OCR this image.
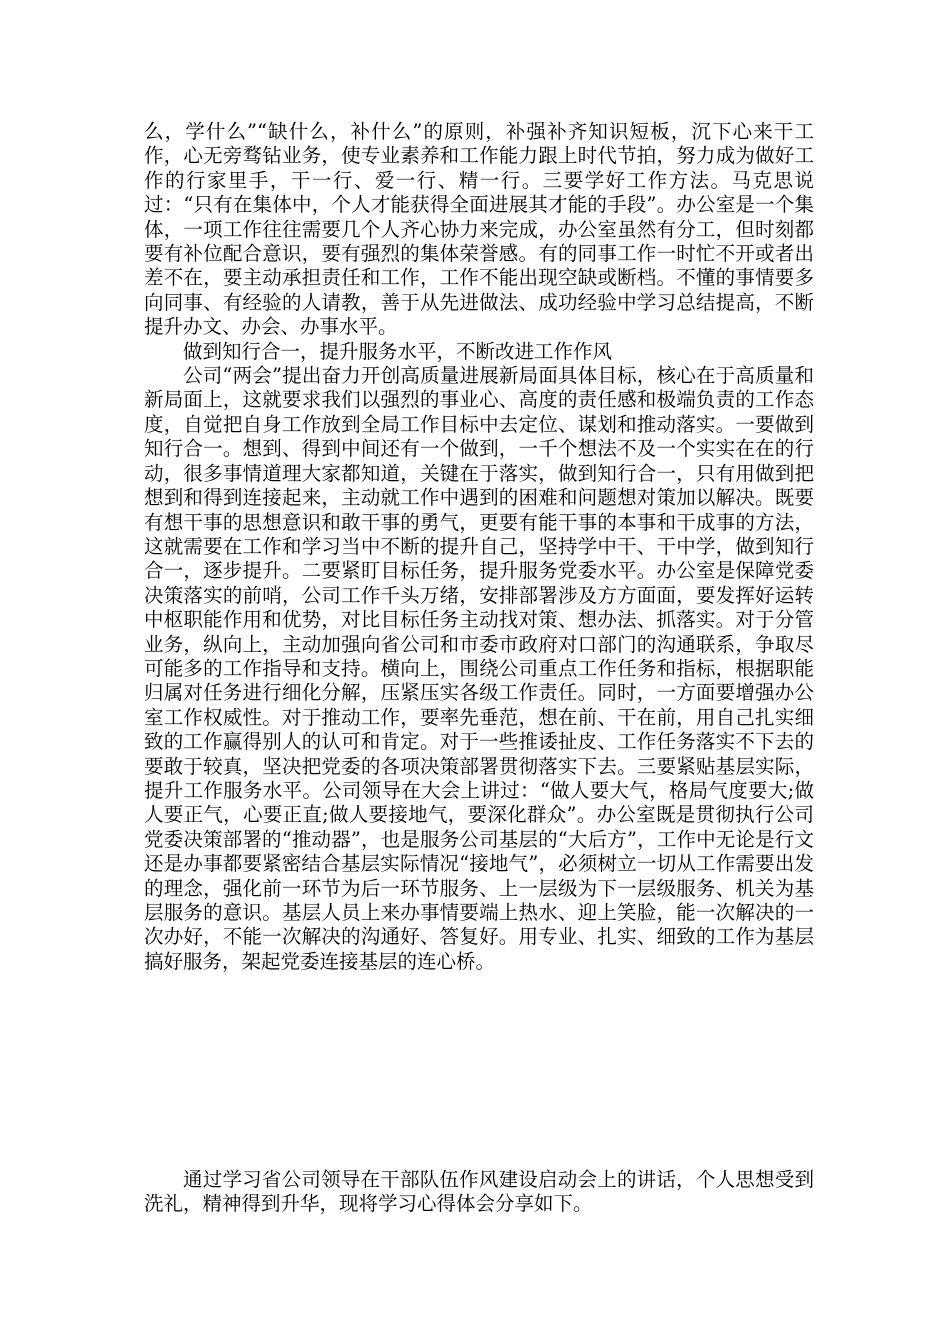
么，学什么”“缺什么，补什么”的原则，补强补齐知识短板，沉下心来干工作，心无旁骛钻业务，使专业素养和工作能力跟上时代节拍，努力成为做好工作的行家里手，干一行、爱一行、精一行。三要学好工作方法。马克思说过：“只有在集体中，个人才能获得全面进展其才能的手段”。办公室是一个集体，一项工作往往需要几个人齐心协力来完成，办公室虽然有分工，但时刻都要有补位配合意识，要有强烈的集体荣誉感。有的同事工作一时忙不开或者出差不在，要主动承担责任和工作，工作不能出现空缺或断档。不懂的事情要多向同事、有经验的人请教，善于从先进做法、成功经验中学习总结提高，不断提升办文、办会、办事水平。

做到知行合一，提升服务水平，不断改进工作作风

公司“两会”提出奋力开创高质量进展新局面具体目标，核心在于高质量和新局面上，这就要求我们以强烈的事业心、高度的责任感和极端负责的工作态度，自觉把自身工作放到全局工作目标中去定位、谋划和推动落实。一要做到知行合一。想到、得到中间还有一个做到，一千个想法不及一个实实在在的行动，很多事情道理大家都知道，关键在于落实，做到知行合一，只有用做到把想到和得到连接起来，主动就工作中遇到的困难和问题想对策加以解决。既要有想干事的思想意识和敢干事的勇气，更要有能干事的本事和干成事的方法，这就需要在工作和学习当中不断的提升自己，坚持学中干、干中学，做到知行合一，逐步提升。二要紧盯目标任务，提升服务党委水平。办公室是保障党委决策落实的前哨，公司工作千头万绪，安排部署涉及方方面面，要发挥好运转中枢职能作用和优势，对比目标任务主动找对策、想办法、抓落实。对于分管业务，纵向上，主动加强向省公司和市委市政府对口部门的沟通联系，争取尽可能多的工作指导和支持。横向上，围绕公司重点工作任务和指标，根据职能归属对任务进行细化分解，压紧压实各级工作责任。同时，一方面要增强办公室工作权威性。对于推动工作，要率先垂范，想在前、干在前，用自己扎实细致的工作赢得别人的认可和肯定。对于一些推诿扯皮、工作任务落实不下去的要敢于较真，坚决把党委的各项决策部署贯彻落实下去。三要紧贴基层实际，提升工作服务水平。公司领导在大会上讲过：“做人要大气，格局气度要大;做人要正气，心要正直;做人要接地气，要深化群众”。办公室既是贯彻执行公司党委决策部署的“推动器”，也是服务公司基层的“大后方”，工作中无论是行文还是办事都要紧密结合基层实际情况“接地气”，必须树立一切从工作需要出发的理念，强化前一环节为后一环节服务、上一层级为下一层级服务、机关为基层服务的意识。基层人员上来办事情要端上热水、迎上笑脸，能一次解决的一次办好，不能一次解决的沟通好、答复好。用专业、扎实、细致的工作为基层搞好服务，架起党委连接基层的连心桥。

通过学习省公司领导在干部队伍作风建设启动会上的讲话，个人思想受到洗礼，精神得到升华，现将学习心得体会分享如下。
